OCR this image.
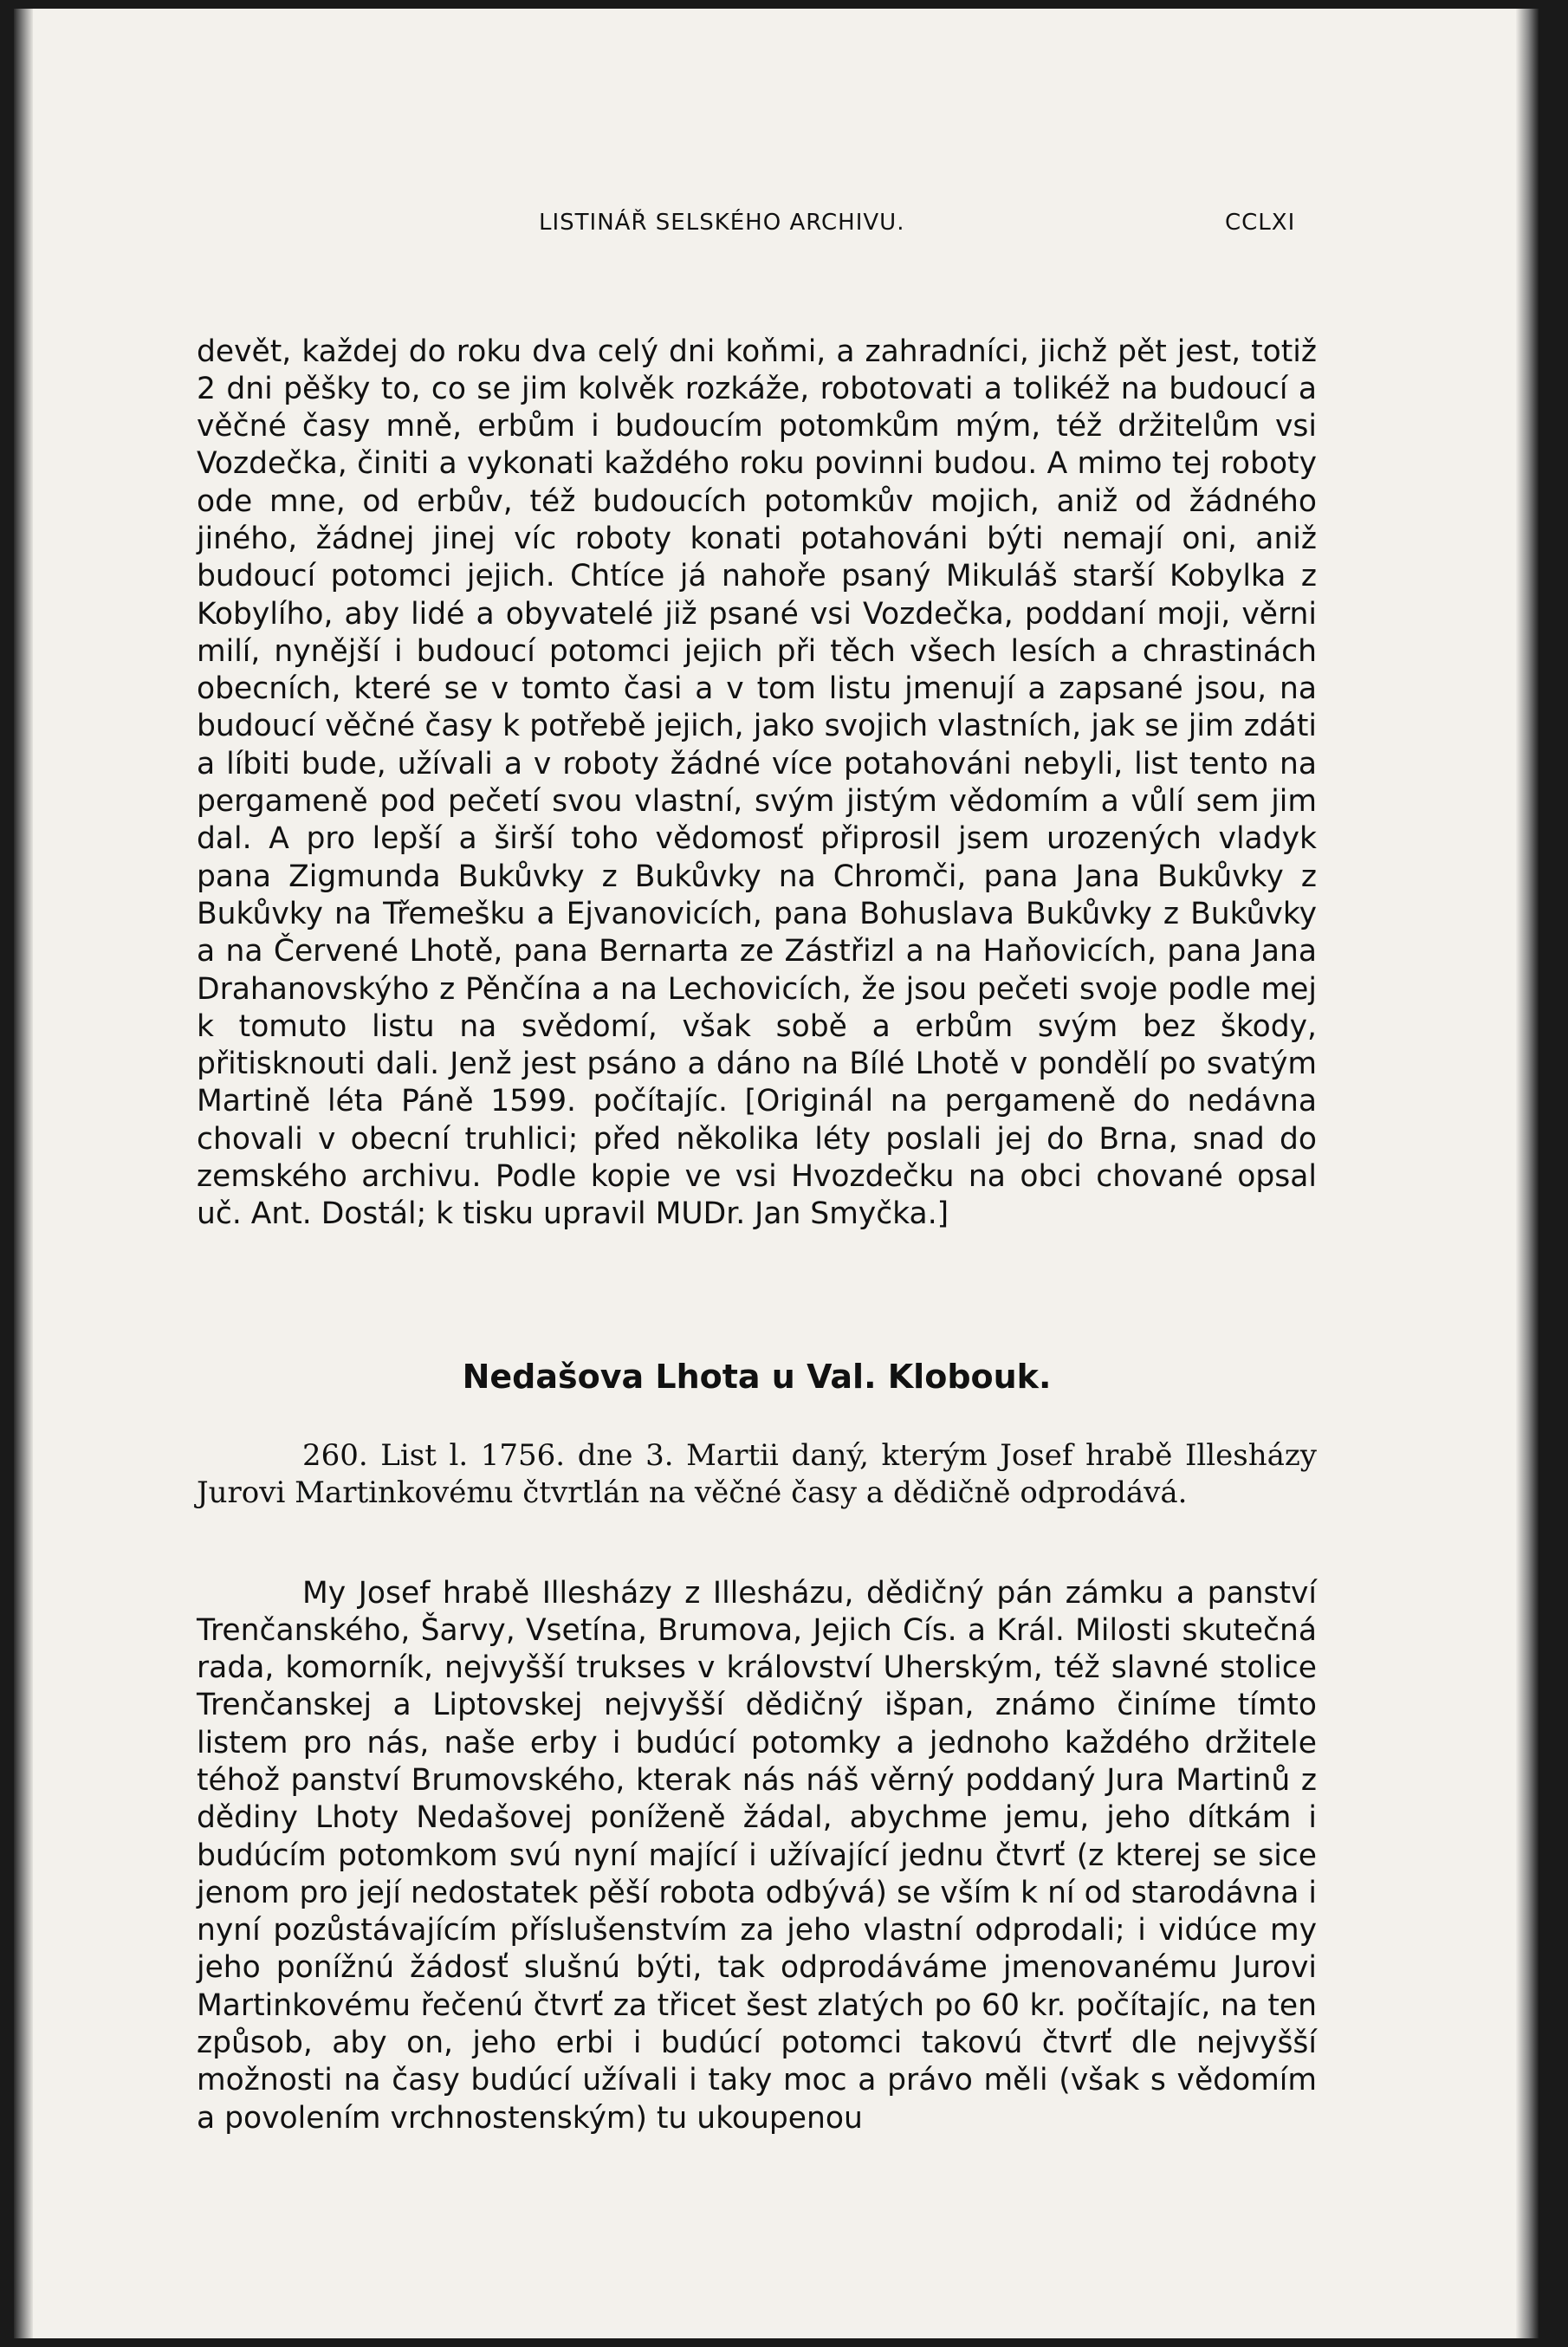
LISTINÁŘ SELSKÉHO ARCHIVU.	CCLXI

devět, každej do roku dva celý dni koňmi, a zahradníci, jichž pět jest, totiž 2 dni pěšky to, co se jim kolvěk rozkáže, robotovati a tolikéž na budoucí a věčné časy mně, erbům i budoucím potomkům mým, též držitelům vsi Vozdečka, činiti a vykonati každého roku povinni budou. A mimo tej roboty ode mne, od erbův, též budoucích potomkův mojich, aniž od žádného jiného, žádnej jinej víc roboty konati potahováni býti nemají oni, aniž budoucí potomci jejich. Chtíce já nahoře psaný Mikuláš starší Kobylka z Kobylího, aby lidé a obyvatelé již psané vsi Vozdečka, poddaní moji, věrni milí, nynější i budoucí potomci jejich při těch všech lesích a chrastinách obecních, které se v tomto časi a v tom listu jmenují a zapsané jsou, na budoucí věčné časy k potřebě jejich, jako svojich vlastních, jak se jim zdáti a líbiti bude, užívali a v roboty žádné více potahováni nebyli, list tento na pergameně pod pečetí svou vlastní, svým jistým vědomím a vůlí sem jim dal. A pro lepší a širší toho vědomosť připrosil jsem urozených vladyk pana Zigmunda Bukůvky z Bukůvky na Chromči, pana Jana Bukůvky z Bukůvky na Třemešku a Ejvanovicích, pana Bohuslava Bukůvky z Bukůvky a na Červené Lhotě, pana Bernarta ze Zástřizl a na Haňovicích, pana Jana Drahanovskýho z Pěnčína a na Lechovicích, že jsou pečeti svoje podle mej k tomuto listu na svědomí, však sobě a erbům svým bez škody, přitisknouti dali. Jenž jest psáno a dáno na Bílé Lhotě v pondělí po svatým Martině léta Páně 1599. počítajíc. [Originál na pergameně do nedávna chovali v obecní truhlici; před několika léty poslali jej do Brna, snad do zemského archivu. Podle kopie ve vsi Hvozdečku na obci chované opsal uč. Ant. Dostál; k tisku upravil MUDr. Jan Smyčka.]

Nedašova Lhota u Val. Klobouk.

260. List l. 1756. dne 3. Martii daný, kterým Josef hrabě Illesházy Jurovi Martinkovému čtvrtlán na věčné časy a dědičně odprodává.

My Josef hrabě Illesházy z Illesházu, dědičný pán zámku a panství Trenčanského, Šarvy, Vsetína, Brumova, Jejich Cís. a Král. Milosti skutečná rada, komorník, nejvyšší trukses v království Uherským, též slavné stolice Trenčanskej a Liptovskej nejvyšší dědičný išpan, známo činíme tímto listem pro nás, naše erby i budúcí potomky a jednoho každého držitele téhož panství Brumovského, kterak nás náš věrný poddaný Jura Martinů z dědiny Lhoty Nedašovej poníženě žádal, abychme jemu, jeho dítkám i budúcím potomkom svú nyní mající i užívající jednu čtvrť (z kterej se sice jenom pro její nedostatek pěší robota odbývá) se vším k ní od starodávna i nyní pozůstávajícím příslušenstvím za jeho vlastní odprodali; i vidúce my jeho ponížnú žádosť slušnú býti, tak odprodáváme jmenovanému Jurovi Martinkovému řečenú čtvrť za třicet šest zlatých po 60 kr. počítajíc, na ten způsob, aby on, jeho erbi i budúcí potomci takovú čtvrť dle nejvyšší možnosti na časy budúcí užívali i taky moc a právo měli (však s vědomím a povolením vrchnostenským) tu ukoupenou
